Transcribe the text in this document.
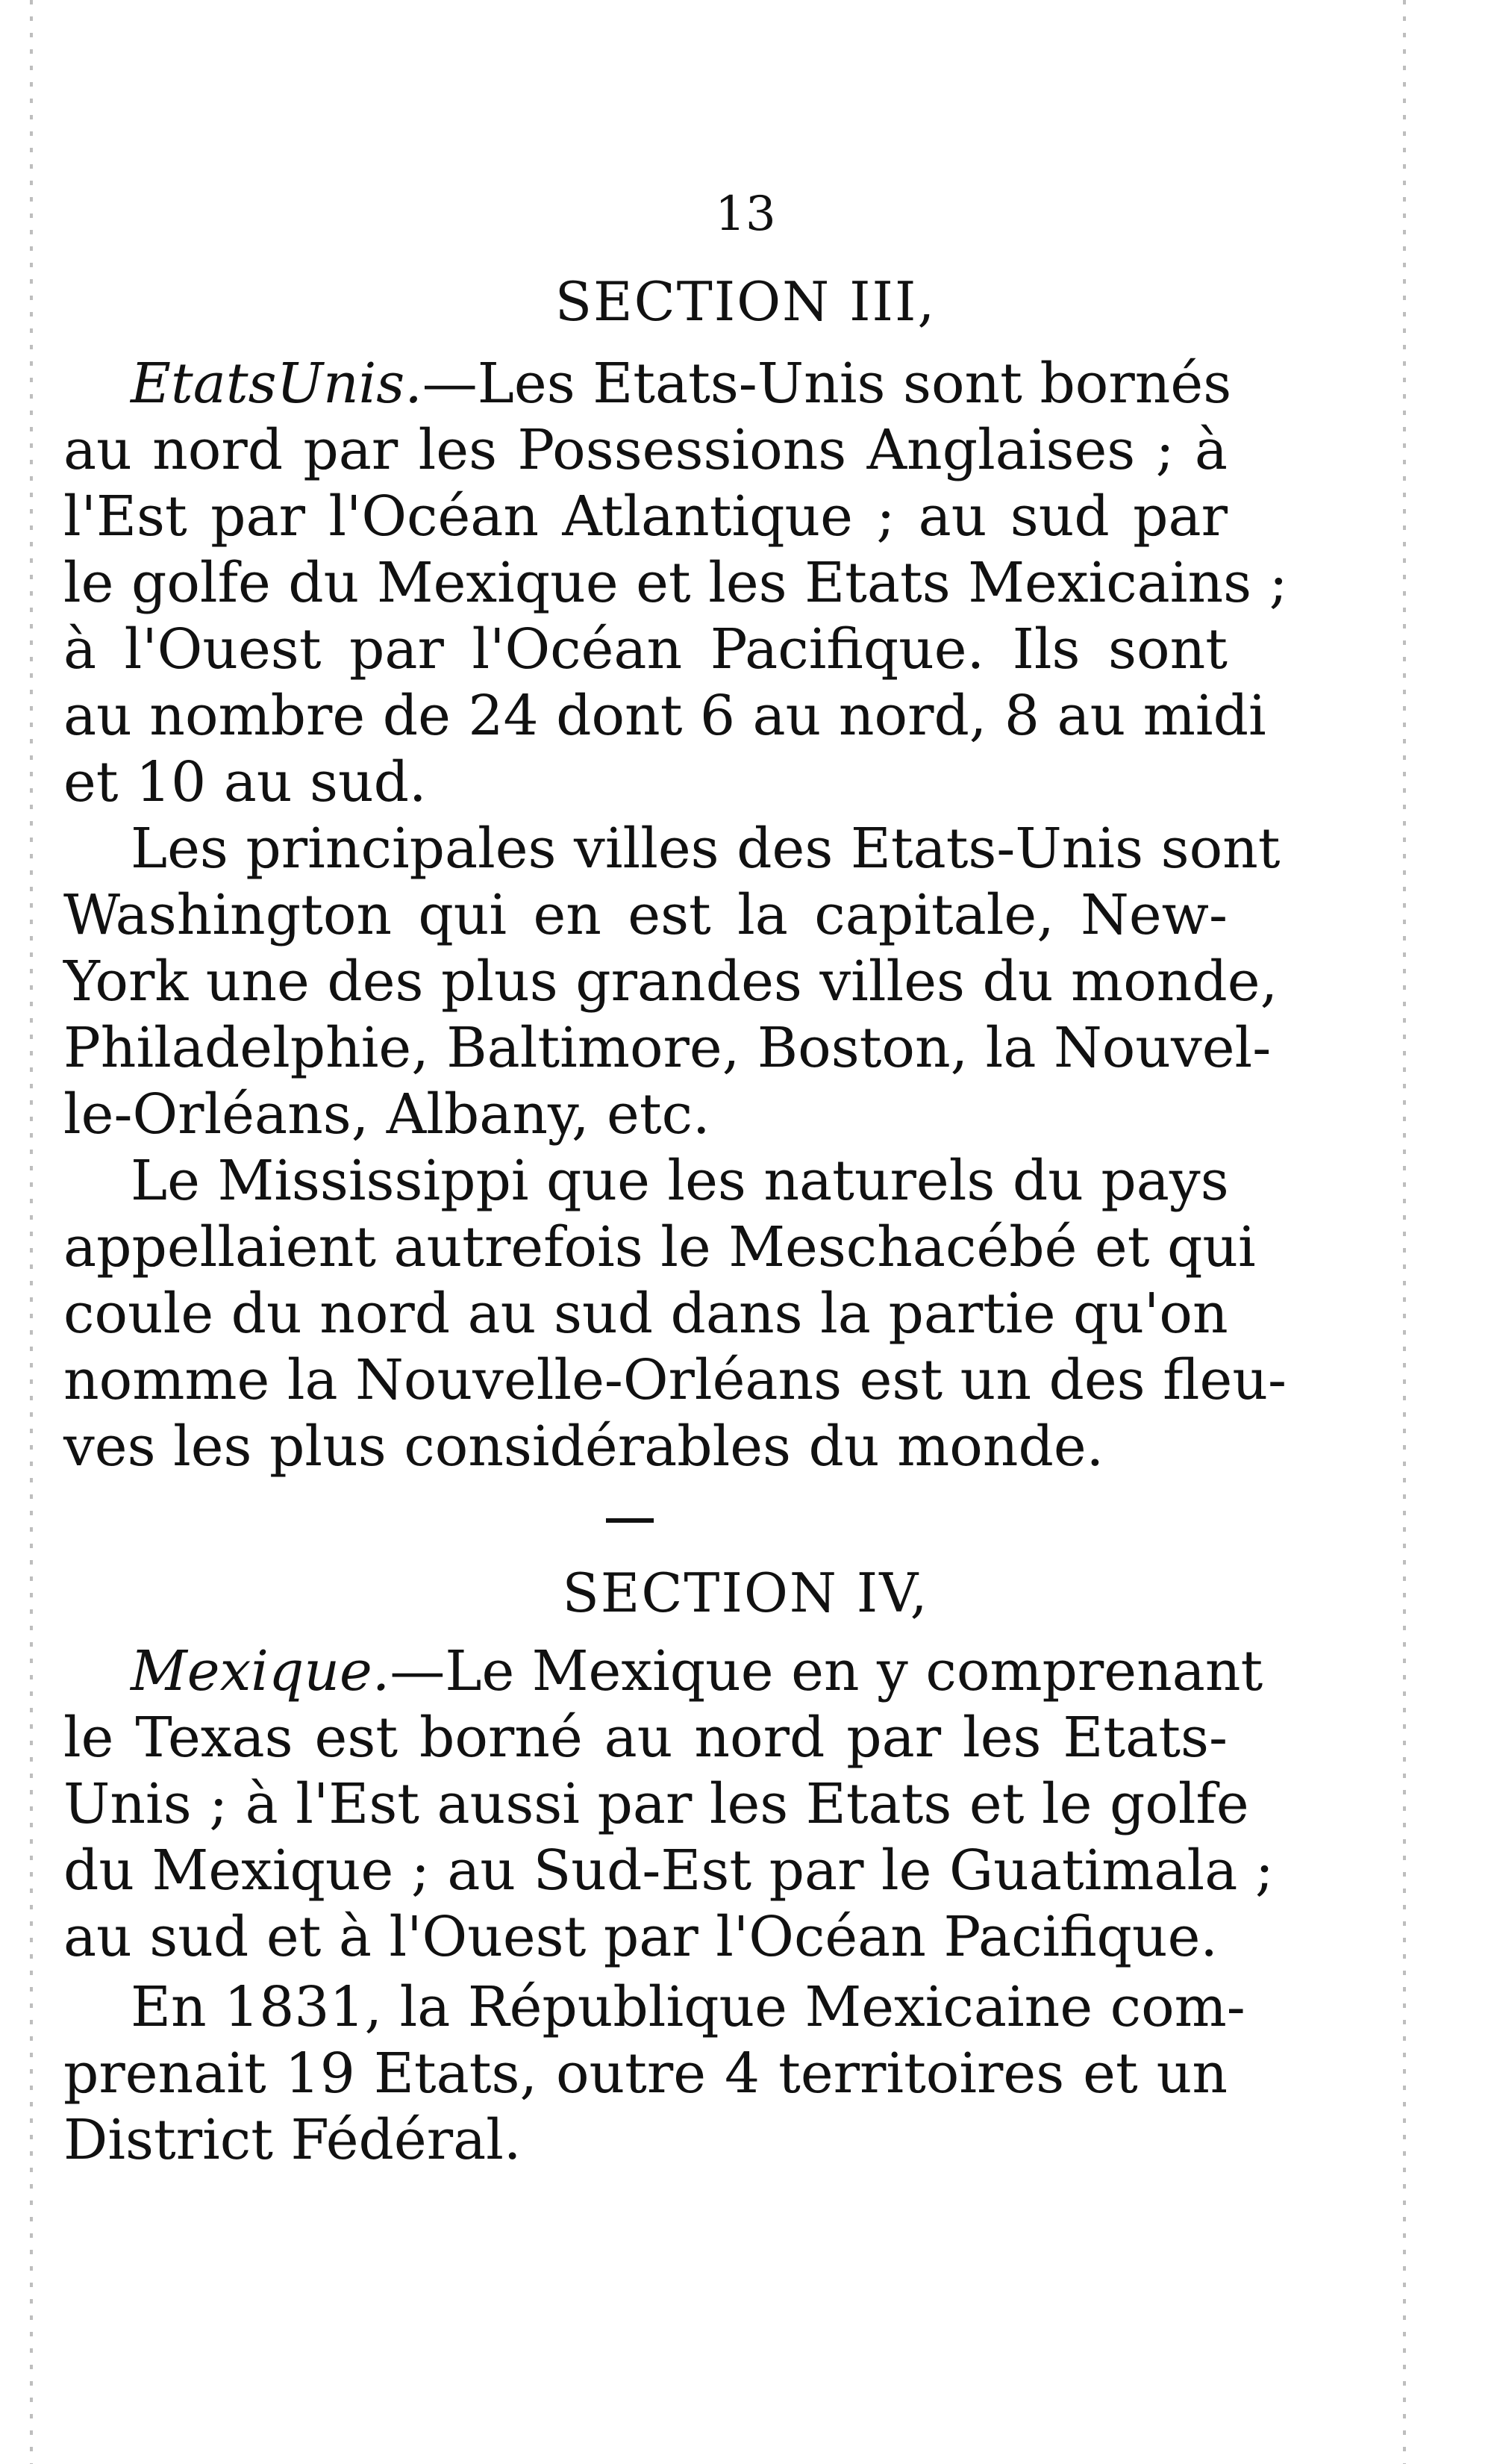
13
SECTION III,
EtatsUnis.—Les Etats-Unis sont bornés
au nord par les Possessions Anglaises ; à
l'Est par l'Océan Atlantique ; au sud par
le golfe du Mexique et les Etats Mexicains ;
à l'Ouest par l'Océan Pacifique. Ils sont
au nombre de 24 dont 6 au nord, 8 au midi
et 10 au sud.
Les principales villes des Etats-Unis sont
Washington qui en est la capitale, New-
York une des plus grandes villes du monde,
Philadelphie, Baltimore, Boston, la Nouvel-
le-Orléans, Albany, etc.
Le Mississippi que les naturels du pays
appellaient autrefois le Meschacébé et qui
coule du nord au sud dans la partie qu'on
nomme la Nouvelle-Orléans est un des fleu-
ves les plus considérables du monde.
SECTION IV,
Mexique.—Le Mexique en y comprenant
le Texas est borné au nord par les Etats-
Unis ; à l'Est aussi par les Etats et le golfe
du Mexique ; au Sud-Est par le Guatimala ;
au sud et à l'Ouest par l'Océan Pacifique.
En 1831, la République Mexicaine com-
prenait 19 Etats, outre 4 territoires et un
District Fédéral.
